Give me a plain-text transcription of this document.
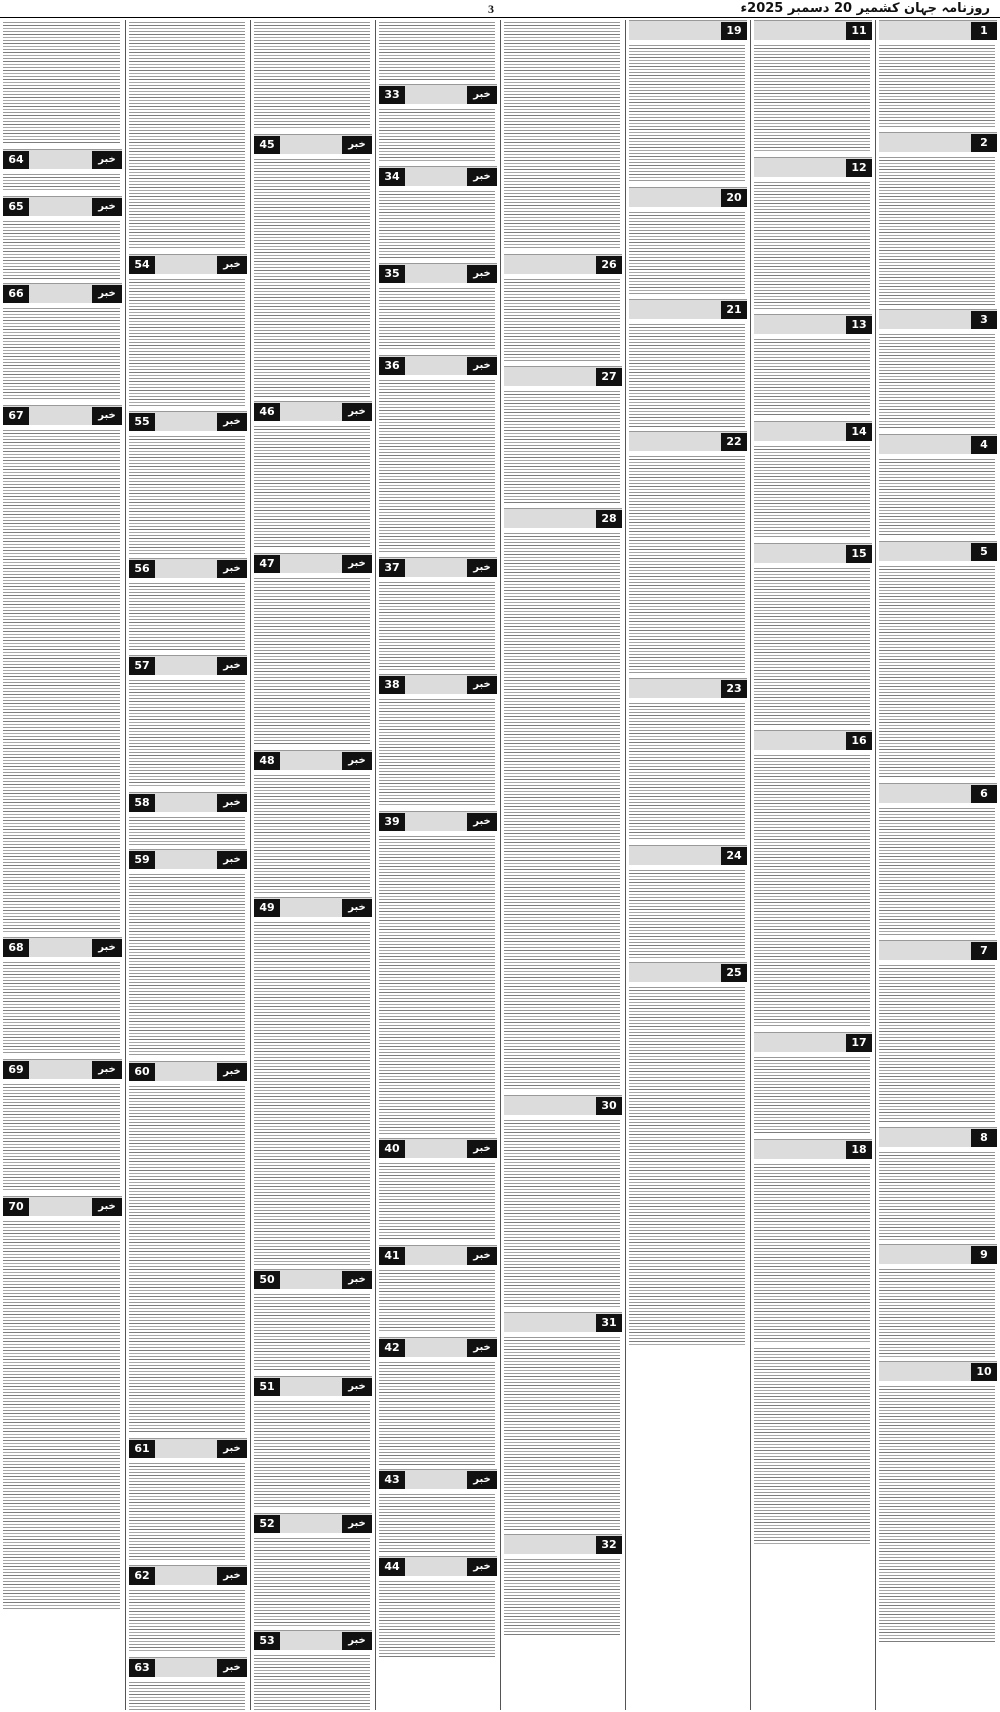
3	روزنامہ جہان کشمیر 20 دسمبر 2025ء
1
2
3
4
5
6
7
8
9
10
11
12
13
14
15
16
17
18
19
20
21
22
23
24
25
26
27
28
30
31
32
33	خبر
34	خبر
35	خبر
36	خبر
37	خبر
38	خبر
39	خبر
40	خبر
41	خبر
42	خبر
43	خبر
44	خبر
45	خبر
46	خبر
47	خبر
48	خبر
49	خبر
50	خبر
51	خبر
52	خبر
53	خبر
54	خبر
55	خبر
56	خبر
57	خبر
58	خبر
59	خبر
60	خبر
61	خبر
62	خبر
63	خبر
64	خبر
65	خبر
66	خبر
67	خبر
68	خبر
69	خبر
70	خبر
